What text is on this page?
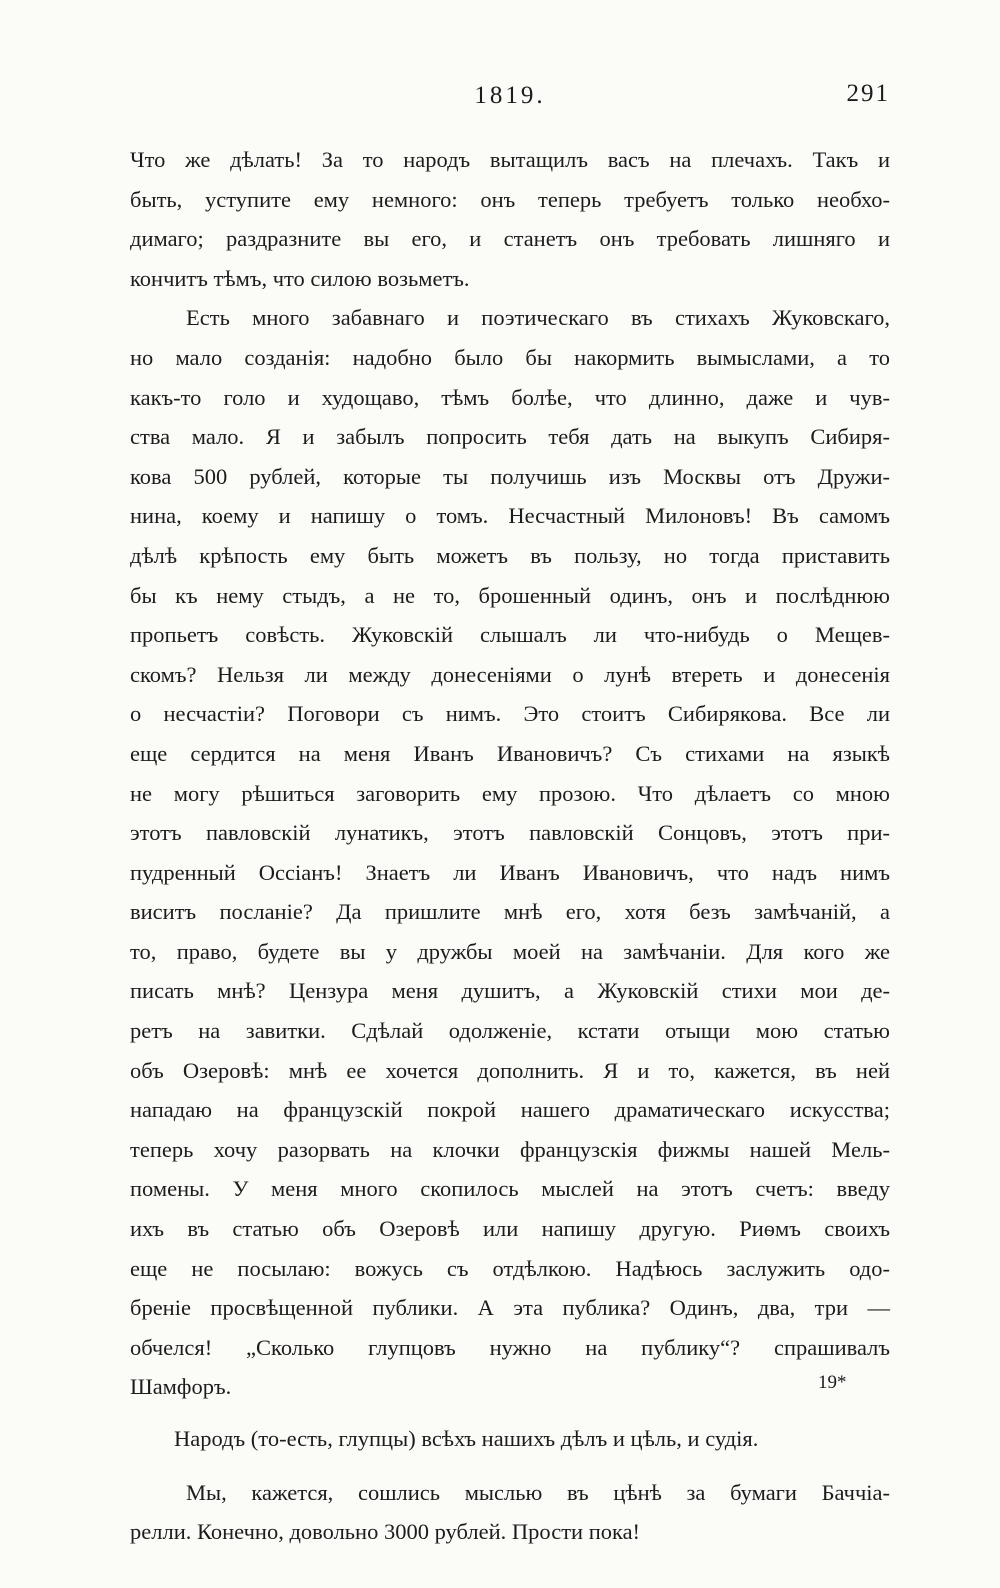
1819.	291
Что же дѣлать! За то народъ вытащилъ васъ на плечахъ. Такъ и
быть, уступите ему немного: онъ теперь требуетъ только необхо-
димаго; раздразните вы его, и станетъ онъ требовать лишняго и
кончитъ тѣмъ, что силою возьметъ.
Есть много забавнаго и поэтическаго въ стихахъ Жуковскаго,
но мало созданія: надобно было бы накормить вымыслами, а то
какъ-то голо и худощаво, тѣмъ болѣе, что длинно, даже и чув-
ства мало. Я и забылъ попросить тебя дать на выкупъ Сибиря-
кова 500 рублей, которые ты получишь изъ Москвы отъ Дружи-
нина, коему и напишу о томъ. Несчастный Милоновъ! Въ самомъ
дѣлѣ крѣпость ему быть можетъ въ пользу, но тогда приставить
бы къ нему стыдъ, а не то, брошенный одинъ, онъ и послѣднюю
пропьетъ совѣсть. Жуковскій слышалъ ли что-нибудь о Мещев-
скомъ? Нельзя ли между донесеніями о лунѣ втереть и донесенія
о несчастіи? Поговори съ нимъ. Это стоитъ Сибирякова. Все ли
еще сердится на меня Иванъ Ивановичъ? Съ стихами на языкѣ
не могу рѣшиться заговорить ему прозою. Что дѣлаетъ со мною
этотъ павловскій лунатикъ, этотъ павловскій Сонцовъ, этотъ при-
пудренный Оссіанъ! Знаетъ ли Иванъ Ивановичъ, что надъ нимъ
виситъ посланіе? Да пришлите мнѣ его, хотя безъ замѣчаній, а
то, право, будете вы у дружбы моей на замѣчаніи. Для кого же
писать мнѣ? Цензура меня душитъ, а Жуковскій стихи мои де-
ретъ на завитки. Сдѣлай одолженіе, кстати отыщи мою статью
объ Озеровѣ: мнѣ ее хочется дополнить. Я и то, кажется, въ ней
нападаю на французскій покрой нашего драматическаго искусства;
теперь хочу разорвать на клочки французскія фижмы нашей Мель-
помены. У меня много скопилось мыслей на этотъ счетъ: введу
ихъ въ статью объ Озеровѣ или напишу другую. Риѳмъ своихъ
еще не посылаю: вожусь съ отдѣлкою. Надѣюсь заслужить одо-
бреніе просвѣщенной публики. А эта публика? Одинъ, два, три —
обчелся! „Сколько глупцовъ нужно на публику“? спрашивалъ
Шамфоръ.
Народъ (то-есть, глупцы) всѣхъ нашихъ дѣлъ и цѣль, и судія.
Мы, кажется, сошлись мыслью въ цѣнѣ за бумаги Баччіа-
релли. Конечно, довольно 3000 рублей. Прости пока!
19*
